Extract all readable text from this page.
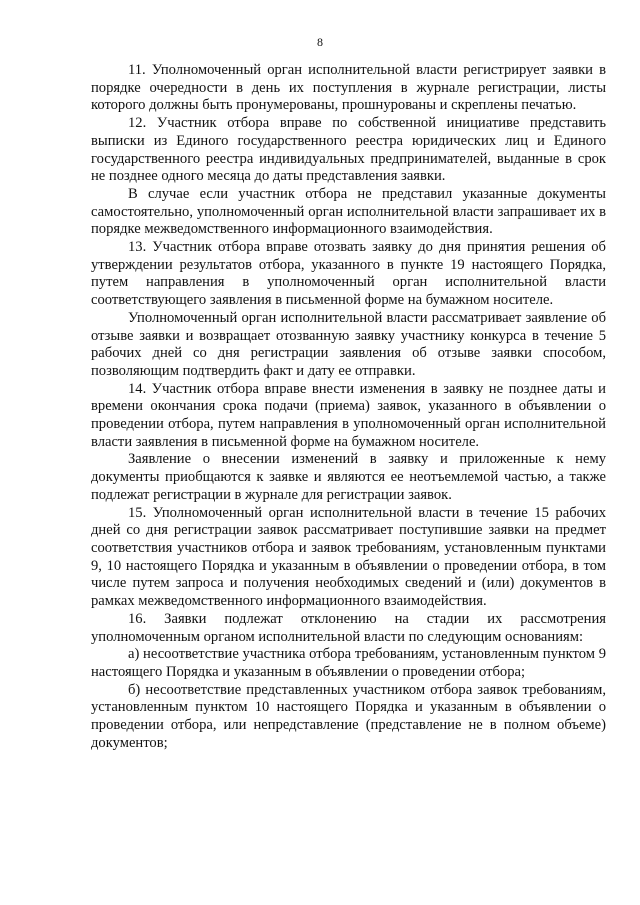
8

11. Уполномоченный орган исполнительной власти регистрирует заявки в порядке очередности в день их поступления в журнале регистрации, листы которого должны быть пронумерованы, прошнурованы и скреплены печатью.

12. Участник отбора вправе по собственной инициативе представить выписки из Единого государственного реестра юридических лиц и Единого государственного реестра индивидуальных предпринимателей, выданные в срок не позднее одного месяца до даты представления заявки.

В случае если участник отбора не представил указанные документы самостоятельно, уполномоченный орган исполнительной власти запрашивает их в порядке межведомственного информационного взаимодействия.

13. Участник отбора вправе отозвать заявку до дня принятия решения об утверждении результатов отбора, указанного в пункте 19 настоящего Порядка, путем направления в уполномоченный орган исполнительной власти соответствующего заявления в письменной форме на бумажном носителе.

Уполномоченный орган исполнительной власти рассматривает заявление об отзыве заявки и возвращает отозванную заявку участнику конкурса в течение 5 рабочих дней со дня регистрации заявления об отзыве заявки способом, позволяющим подтвердить факт и дату ее отправки.

14. Участник отбора вправе внести изменения в заявку не позднее даты и времени окончания срока подачи (приема) заявок, указанного в объявлении о проведении отбора, путем направления в уполномоченный орган исполнительной власти заявления в письменной форме на бумажном носителе.

Заявление о внесении изменений в заявку и приложенные к нему документы приобщаются к заявке и являются ее неотъемлемой частью, а также подлежат регистрации в журнале для регистрации заявок.

15. Уполномоченный орган исполнительной власти в течение 15 рабочих дней со дня регистрации заявок рассматривает поступившие заявки на предмет соответствия участников отбора и заявок требованиям, установленным пунктами 9, 10 настоящего Порядка и указанным в объявлении о проведении отбора, в том числе путем запроса и получения необходимых сведений и (или) документов в рамках межведомственного информационного взаимодействия.

16. Заявки подлежат отклонению на стадии их рассмотрения уполномоченным органом исполнительной власти по следующим основаниям:

а) несоответствие участника отбора требованиям, установленным пунктом 9 настоящего Порядка и указанным в объявлении о проведении отбора;

б) несоответствие представленных участником отбора заявок требованиям, установленным пунктом 10 настоящего Порядка и указанным в объявлении о проведении отбора, или непредставление (представление не в полном объеме) документов;
